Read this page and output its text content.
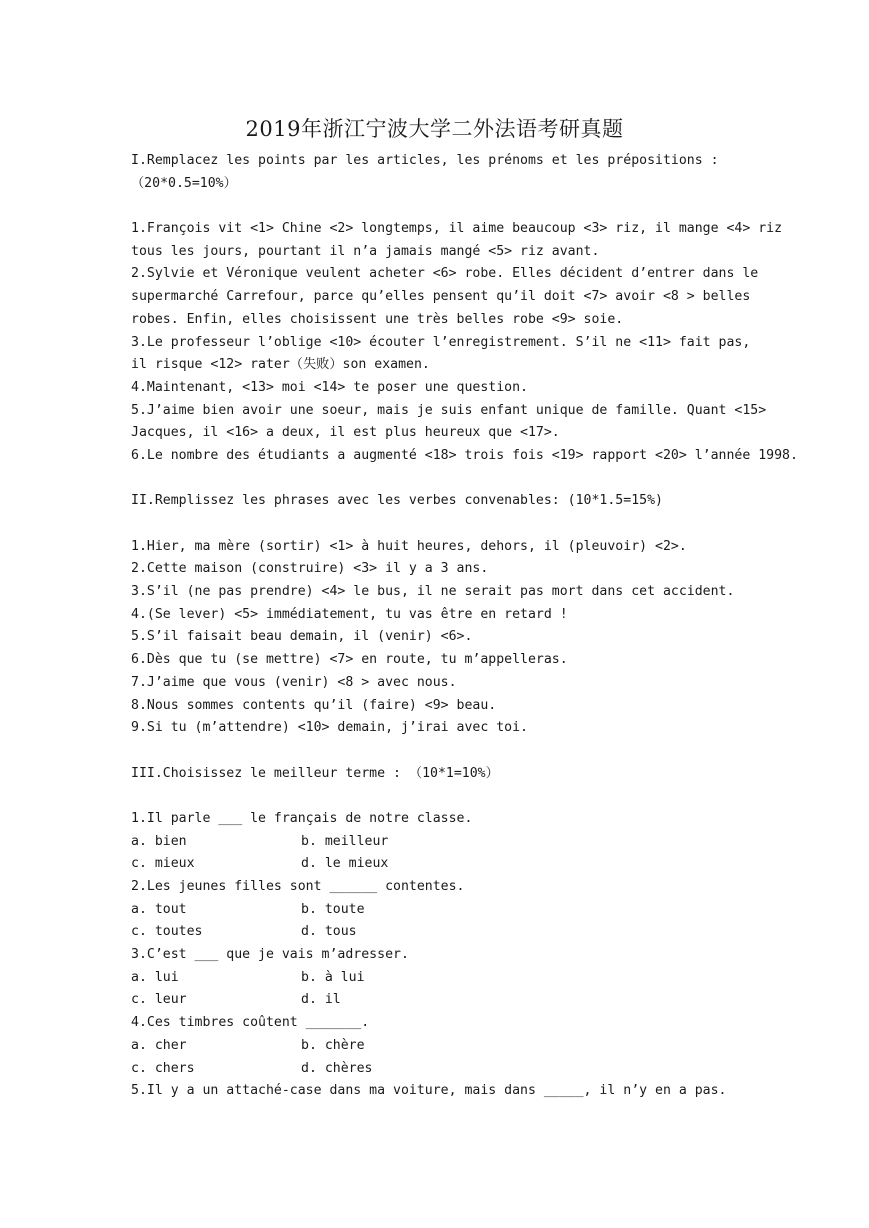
2019年浙江宁波大学二外法语考研真题
I.Remplacez les points par les articles, les prénoms et les prépositions :
（20*0.5=10%）
1.François vit <1> Chine <2> longtemps, il aime beaucoup <3> riz, il mange <4> riz
tous les jours, pourtant il n’a jamais mangé <5> riz avant.
2.Sylvie et Véronique veulent acheter <6> robe. Elles décident d’entrer dans le
supermarché Carrefour, parce qu’elles pensent qu’il doit <7> avoir <8 > belles
robes. Enfin, elles choisissent une très belles robe <9> soie.
3.Le professeur l’oblige <10> écouter l’enregistrement. S’il ne <11> fait pas,
il risque <12> rater（失败）son examen.
4.Maintenant, <13> moi <14> te poser une question.
5.J’aime bien avoir une soeur, mais je suis enfant unique de famille. Quant <15>
Jacques, il <16> a deux, il est plus heureux que <17>.
6.Le nombre des étudiants a augmenté <18> trois fois <19> rapport <20> l’année 1998.
II.Remplissez les phrases avec les verbes convenables: (10*1.5=15%)
1.Hier, ma mère (sortir) <1> à huit heures, dehors, il (pleuvoir) <2>.
2.Cette maison (construire) <3> il y a 3 ans.
3.S’il (ne pas prendre) <4> le bus, il ne serait pas mort dans cet accident.
4.(Se lever) <5> immédiatement, tu vas être en retard !
5.S’il faisait beau demain, il (venir) <6>.
6.Dès que tu (se mettre) <7> en route, tu m’appelleras.
7.J’aime que vous (venir) <8 > avec nous.
8.Nous sommes contents qu’il (faire) <9> beau.
9.Si tu (m’attendre) <10> demain, j’irai avec toi.
III.Choisissez le meilleur terme : （10*1=10%）
1.Il parle ___ le français de notre classe.
a. bien	b. meilleur
c. mieux	d. le mieux
2.Les jeunes filles sont ______ contentes.
a. tout	b. toute
c. toutes	d. tous
3.C’est ___ que je vais m’adresser.
a. lui	b. à lui
c. leur	d. il
4.Ces timbres coûtent _______.
a. cher	b. chère
c. chers	d. chères
5.Il y a un attaché-case dans ma voiture, mais dans _____, il n’y en a pas.
